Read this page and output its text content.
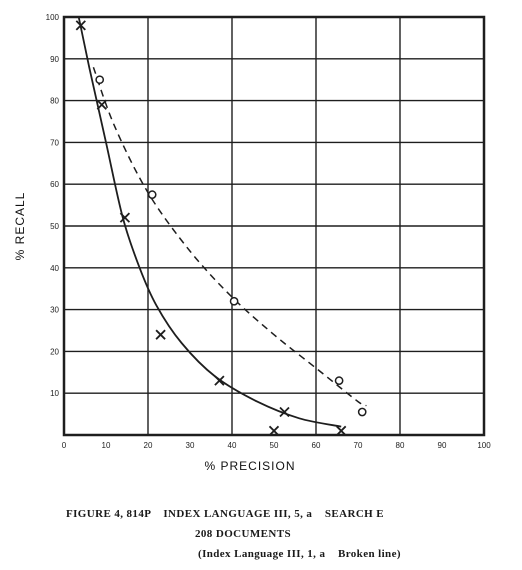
0	10	20	30	40	50	60	70	80	90	100
10
20
30
40
50
60
70
80
90
100
% PRECISION
% RECALL
FIGURE 4, 814P    INDEX LANGUAGE III, 5, a    SEARCH E
208 DOCUMENTS
(Index Language III, 1, a    Broken line)
